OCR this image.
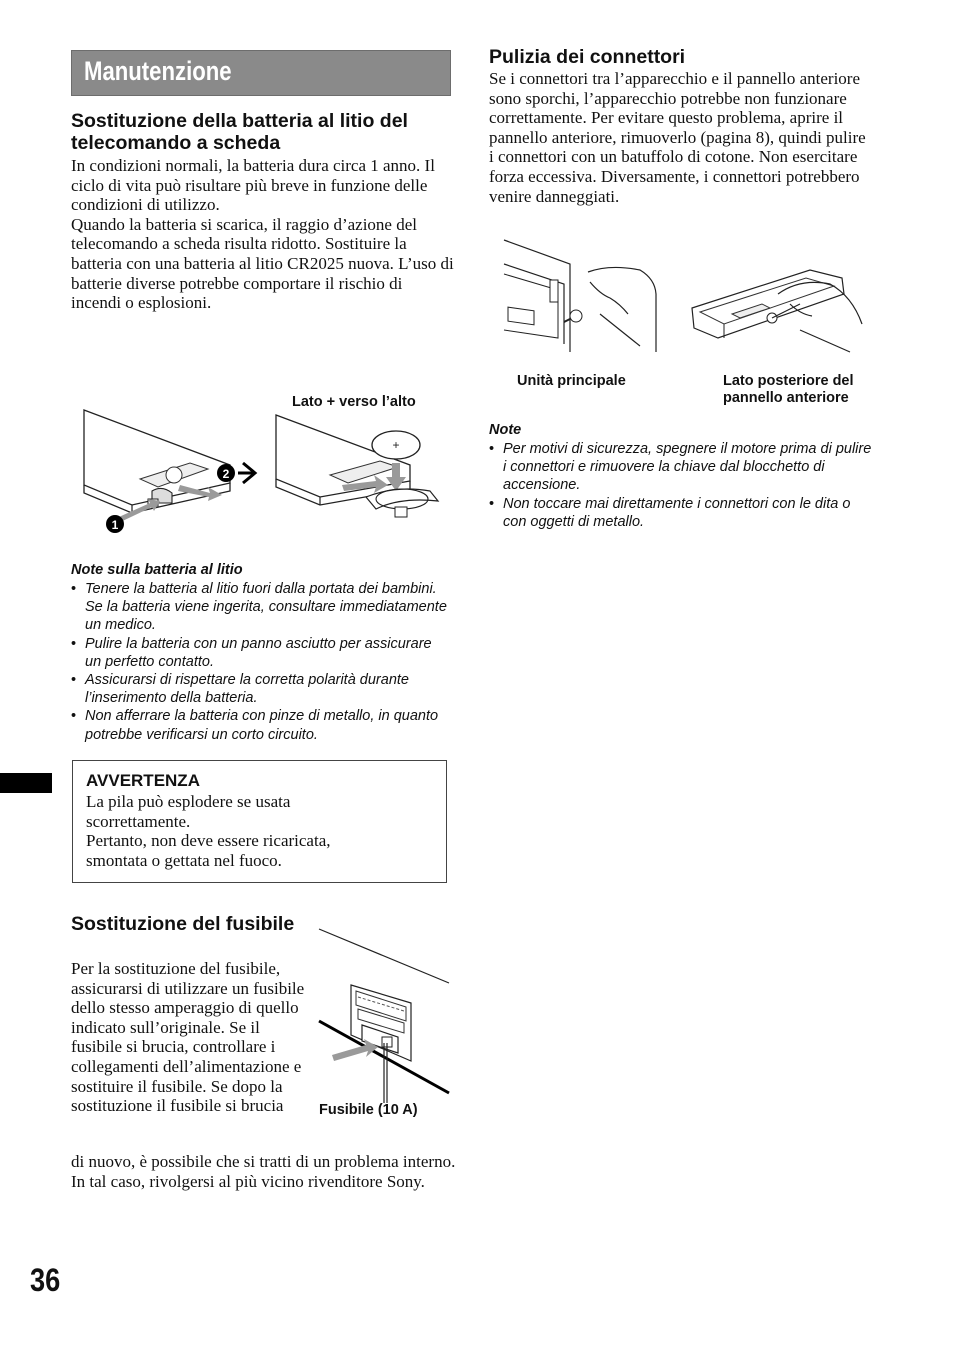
Manutenzione
Sostituzione della batteria al litio del telecomando a scheda
In condizioni normali, la batteria dura circa 1 anno. Il ciclo di vita può risultare più breve in funzione delle condizioni di utilizzo.
Quando la batteria si scarica, il raggio d’azione del telecomando a scheda risulta ridotto. Sostituire la batteria con una batteria al litio CR2025 nuova. L’uso di batterie diverse potrebbe comportare il rischio di incendi o esplosioni.
Lato + verso l’alto
2
1
+
Note sulla batteria al litio
• Tenere la batteria al litio fuori dalla portata dei bambini. Se la batteria viene ingerita, consultare immediatamente un medico.
• Pulire la batteria con un panno asciutto per assicurare un perfetto contatto.
• Assicurarsi di rispettare la corretta polarità durante l’inserimento della batteria.
• Non afferrare la batteria con pinze di metallo, in quanto potrebbe verificarsi un corto circuito.
AVVERTENZA
La pila può esplodere se usata scorrettamente.
Pertanto, non deve essere ricaricata, smontata o gettata nel fuoco.
Sostituzione del fusibile
Per la sostituzione del fusibile, assicurarsi di utilizzare un fusibile dello stesso amperaggio di quello indicato sull’originale. Se il fusibile si brucia, controllare i collegamenti dell’alimentazione e sostituire il fusibile. Se dopo la sostituzione il fusibile si brucia
di nuovo, è possibile che si tratti di un problema interno. In tal caso, rivolgersi al più vicino rivenditore Sony.
Fusibile (10 A)
Pulizia dei connettori
Se i connettori tra l’apparecchio e il pannello anteriore sono sporchi, l’apparecchio potrebbe non funzionare correttamente. Per evitare questo problema, aprire il pannello anteriore, rimuoverlo (pagina 8), quindi pulire i connettori con un batuffolo di cotone. Non esercitare forza eccessiva. Diversamente, i connettori potrebbero venire danneggiati.
Unità principale	Lato posteriore del pannello anteriore
Note
• Per motivi di sicurezza, spegnere il motore prima di pulire i connettori e rimuovere la chiave dal blocchetto di accensione.
• Non toccare mai direttamente i connettori con le dita o con oggetti di metallo.
36
